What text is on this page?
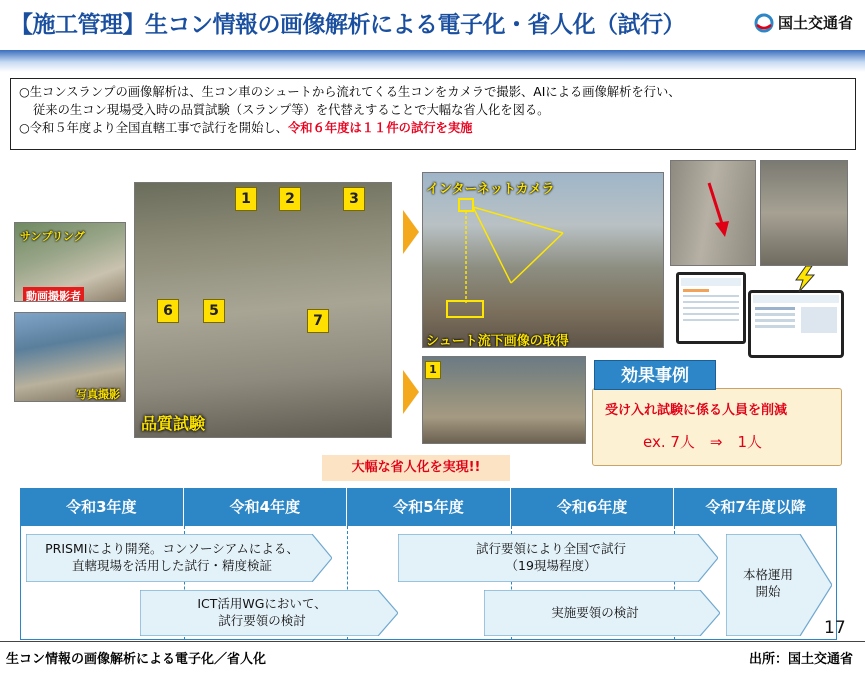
【施工管理】生コン情報の画像解析による電子化・省人化（試行）	国土交通省

○生コンスランプの画像解析は、生コン車のシュートから流れてくる生コンをカメラで撮影、AIによる画像解析を行い、

従来の生コン現場受入時の品質試験（スランプ等）を代替えすることで大幅な省人化を図る。

○令和５年度より全国直轄工事で試行を開始し、令和６年度は１１件の試行を実施

サンプリング
動画撮影者
写真撮影
1	2	3
5
6
7
品質試験
インターネットカメラ
シュート流下画像の取得
1
受け入れ試験に係る人員を削減
ex. 7人　⇒　1人
効果事例
大幅な省人化を実現!!
令和3年度	令和4年度	令和5年度	令和6年度	令和7年度以降
PRISMIにより開発。コンソーシアムによる、
直轄現場を活用した試行・精度検証
ICT活用WGにおいて、
試行要領の検討
試行要領により全国で試行
（19現場程度）
実施要領の検討
本格運用
開始
17
生コン情報の画像解析による電子化／省人化	出所：国土交通省
